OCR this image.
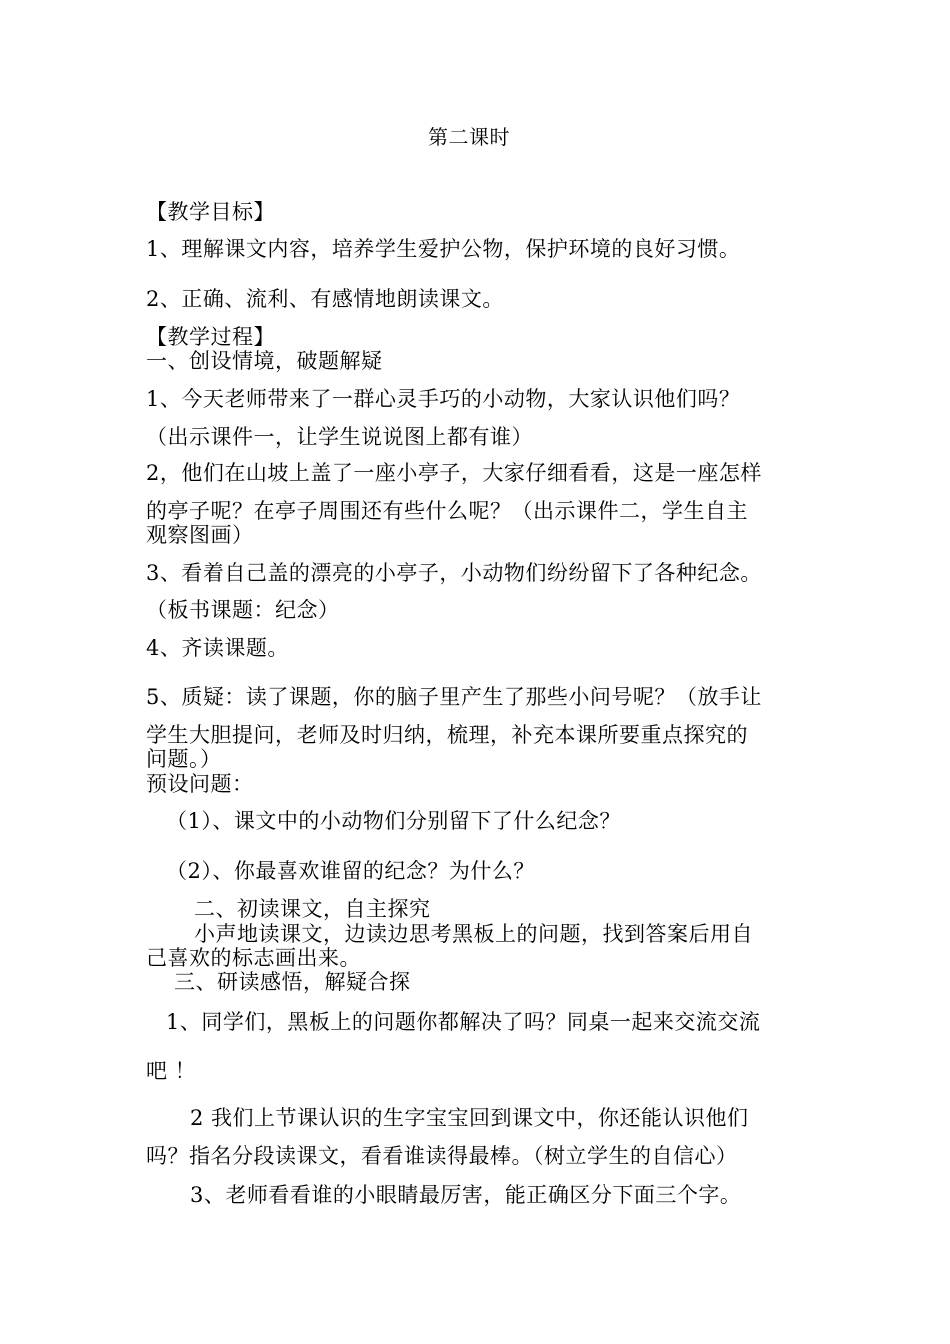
第二课时
【教学目标】
1、理解课文内容，培养学生爱护公物，保护环境的良好习惯。
2、正确、流利、有感情地朗读课文。
【教学过程】
一、创设情境，破题解疑
1、今天老师带来了一群心灵手巧的小动物，大家认识他们吗？
（出示课件一，让学生说说图上都有谁）
2，他们在山坡上盖了一座小亭子，大家仔细看看，这是一座怎样
的亭子呢？在亭子周围还有些什么呢？（出示课件二，学生自主
观察图画）
3、看着自己盖的漂亮的小亭子，小动物们纷纷留下了各种纪念。
（板书课题：纪念）
4、齐读课题。
5、质疑：读了课题，你的脑子里产生了那些小问号呢？（放手让
学生大胆提问，老师及时归纳，梳理，补充本课所要重点探究的
问题。）
预设问题：
（1）、课文中的小动物们分别留下了什么纪念？
（2）、你最喜欢谁留的纪念？为什么？
二、初读课文，自主探究
小声地读课文，边读边思考黑板上的问题，找到答案后用自
己喜欢的标志画出来。
三、研读感悟，解疑合探
1、同学们，黑板上的问题你都解决了吗？同桌一起来交流交流
吧 ！
2 我们上节课认识的生字宝宝回到课文中，你还能认识他们
吗？指名分段读课文，看看谁读得最棒。（树立学生的自信心）
3、老师看看谁的小眼睛最厉害，能正确区分下面三个字。
